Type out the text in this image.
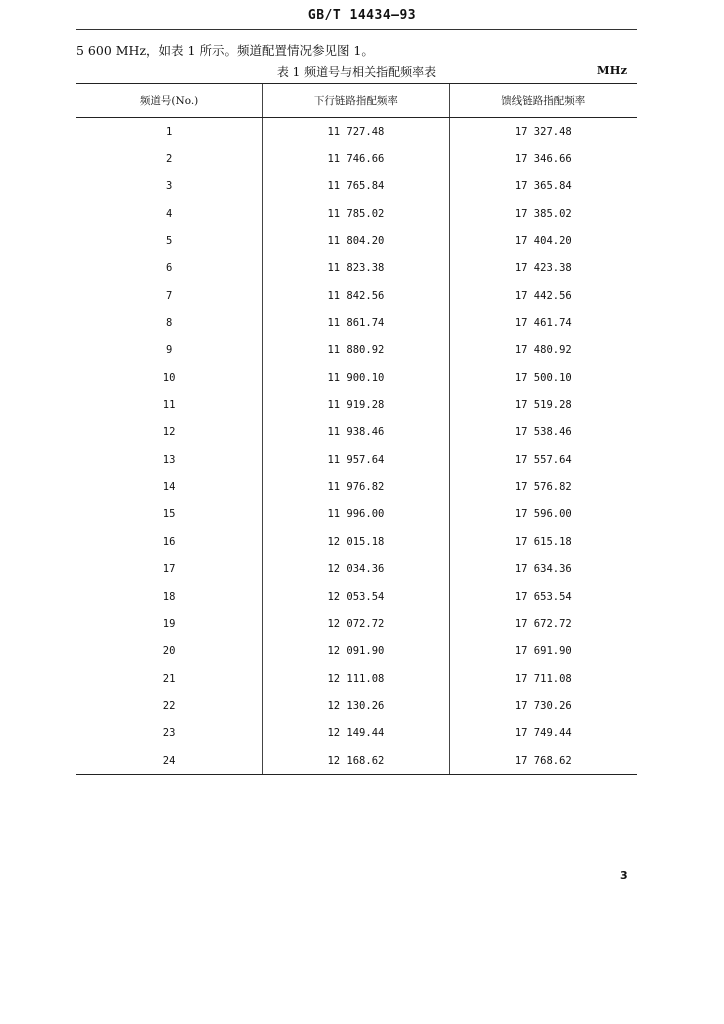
GB/T 14434—93
5 600 MHz，如表 1 所示。频道配置情况参见图 1。
表 1 频道号与相关指配频率表	MHz
频道号(No.)	下行链路指配频率	馈线链路指配频率
1	11 727.48	17 327.48
2	11 746.66	17 346.66
3	11 765.84	17 365.84
4	11 785.02	17 385.02
5	11 804.20	17 404.20
6	11 823.38	17 423.38
7	11 842.56	17 442.56
8	11 861.74	17 461.74
9	11 880.92	17 480.92
10	11 900.10	17 500.10
11	11 919.28	17 519.28
12	11 938.46	17 538.46
13	11 957.64	17 557.64
14	11 976.82	17 576.82
15	11 996.00	17 596.00
16	12 015.18	17 615.18
17	12 034.36	17 634.36
18	12 053.54	17 653.54
19	12 072.72	17 672.72
20	12 091.90	17 691.90
21	12 111.08	17 711.08
22	12 130.26	17 730.26
23	12 149.44	17 749.44
24	12 168.62	17 768.62
3
